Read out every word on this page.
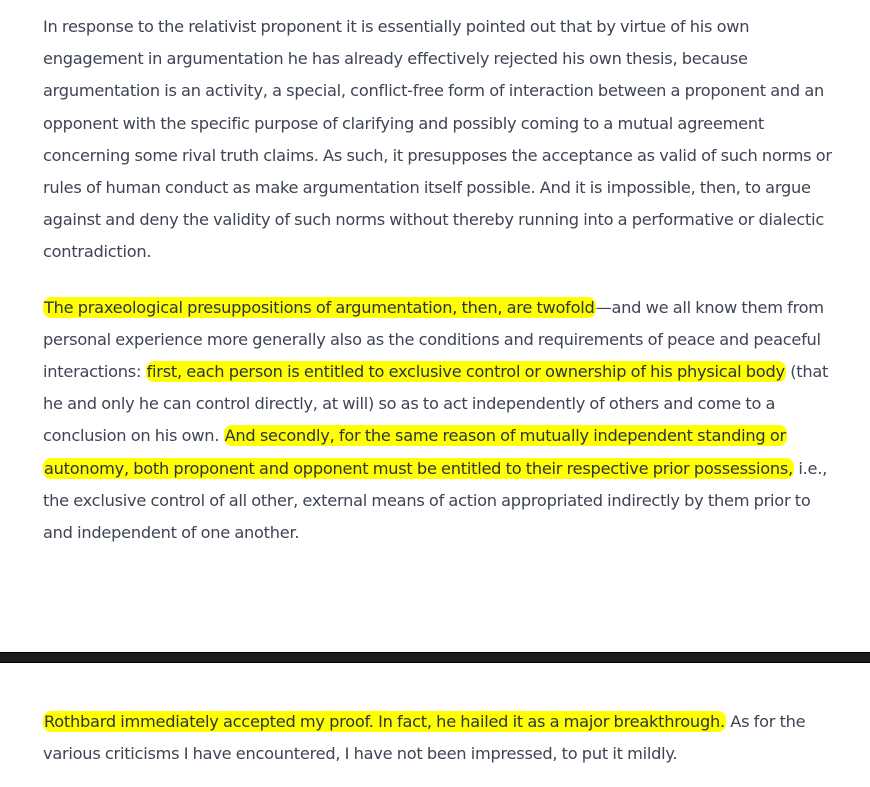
In response to the relativist proponent it is essentially pointed out that by virtue of his own engagement in argumentation he has already effectively rejected his own thesis, because argumentation is an activity, a special, conflict-free form of interaction between a proponent and an opponent with the specific purpose of clarifying and possibly coming to a mutual agreement concerning some rival truth claims. As such, it presupposes the acceptance as valid of such norms or rules of human conduct as make argumentation itself possible. And it is impossible, then, to argue against and deny the validity of such norms without thereby running into a performative or dialectic contradiction.

The praxeological presuppositions of argumentation, then, are twofold—and we all know them from personal experience more generally also as the conditions and requirements of peace and peaceful interactions: first, each person is entitled to exclusive control or ownership of his physical body (that he and only he can control directly, at will) so as to act independently of others and come to a conclusion on his own. And secondly, for the same reason of mutually independent standing or autonomy, both proponent and opponent must be entitled to their respective prior possessions, i.e., the exclusive control of all other, external means of action appropriated indirectly by them prior to and independent of one another.

Rothbard immediately accepted my proof. In fact, he hailed it as a major breakthrough. As for the various criticisms I have encountered, I have not been impressed, to put it mildly.
